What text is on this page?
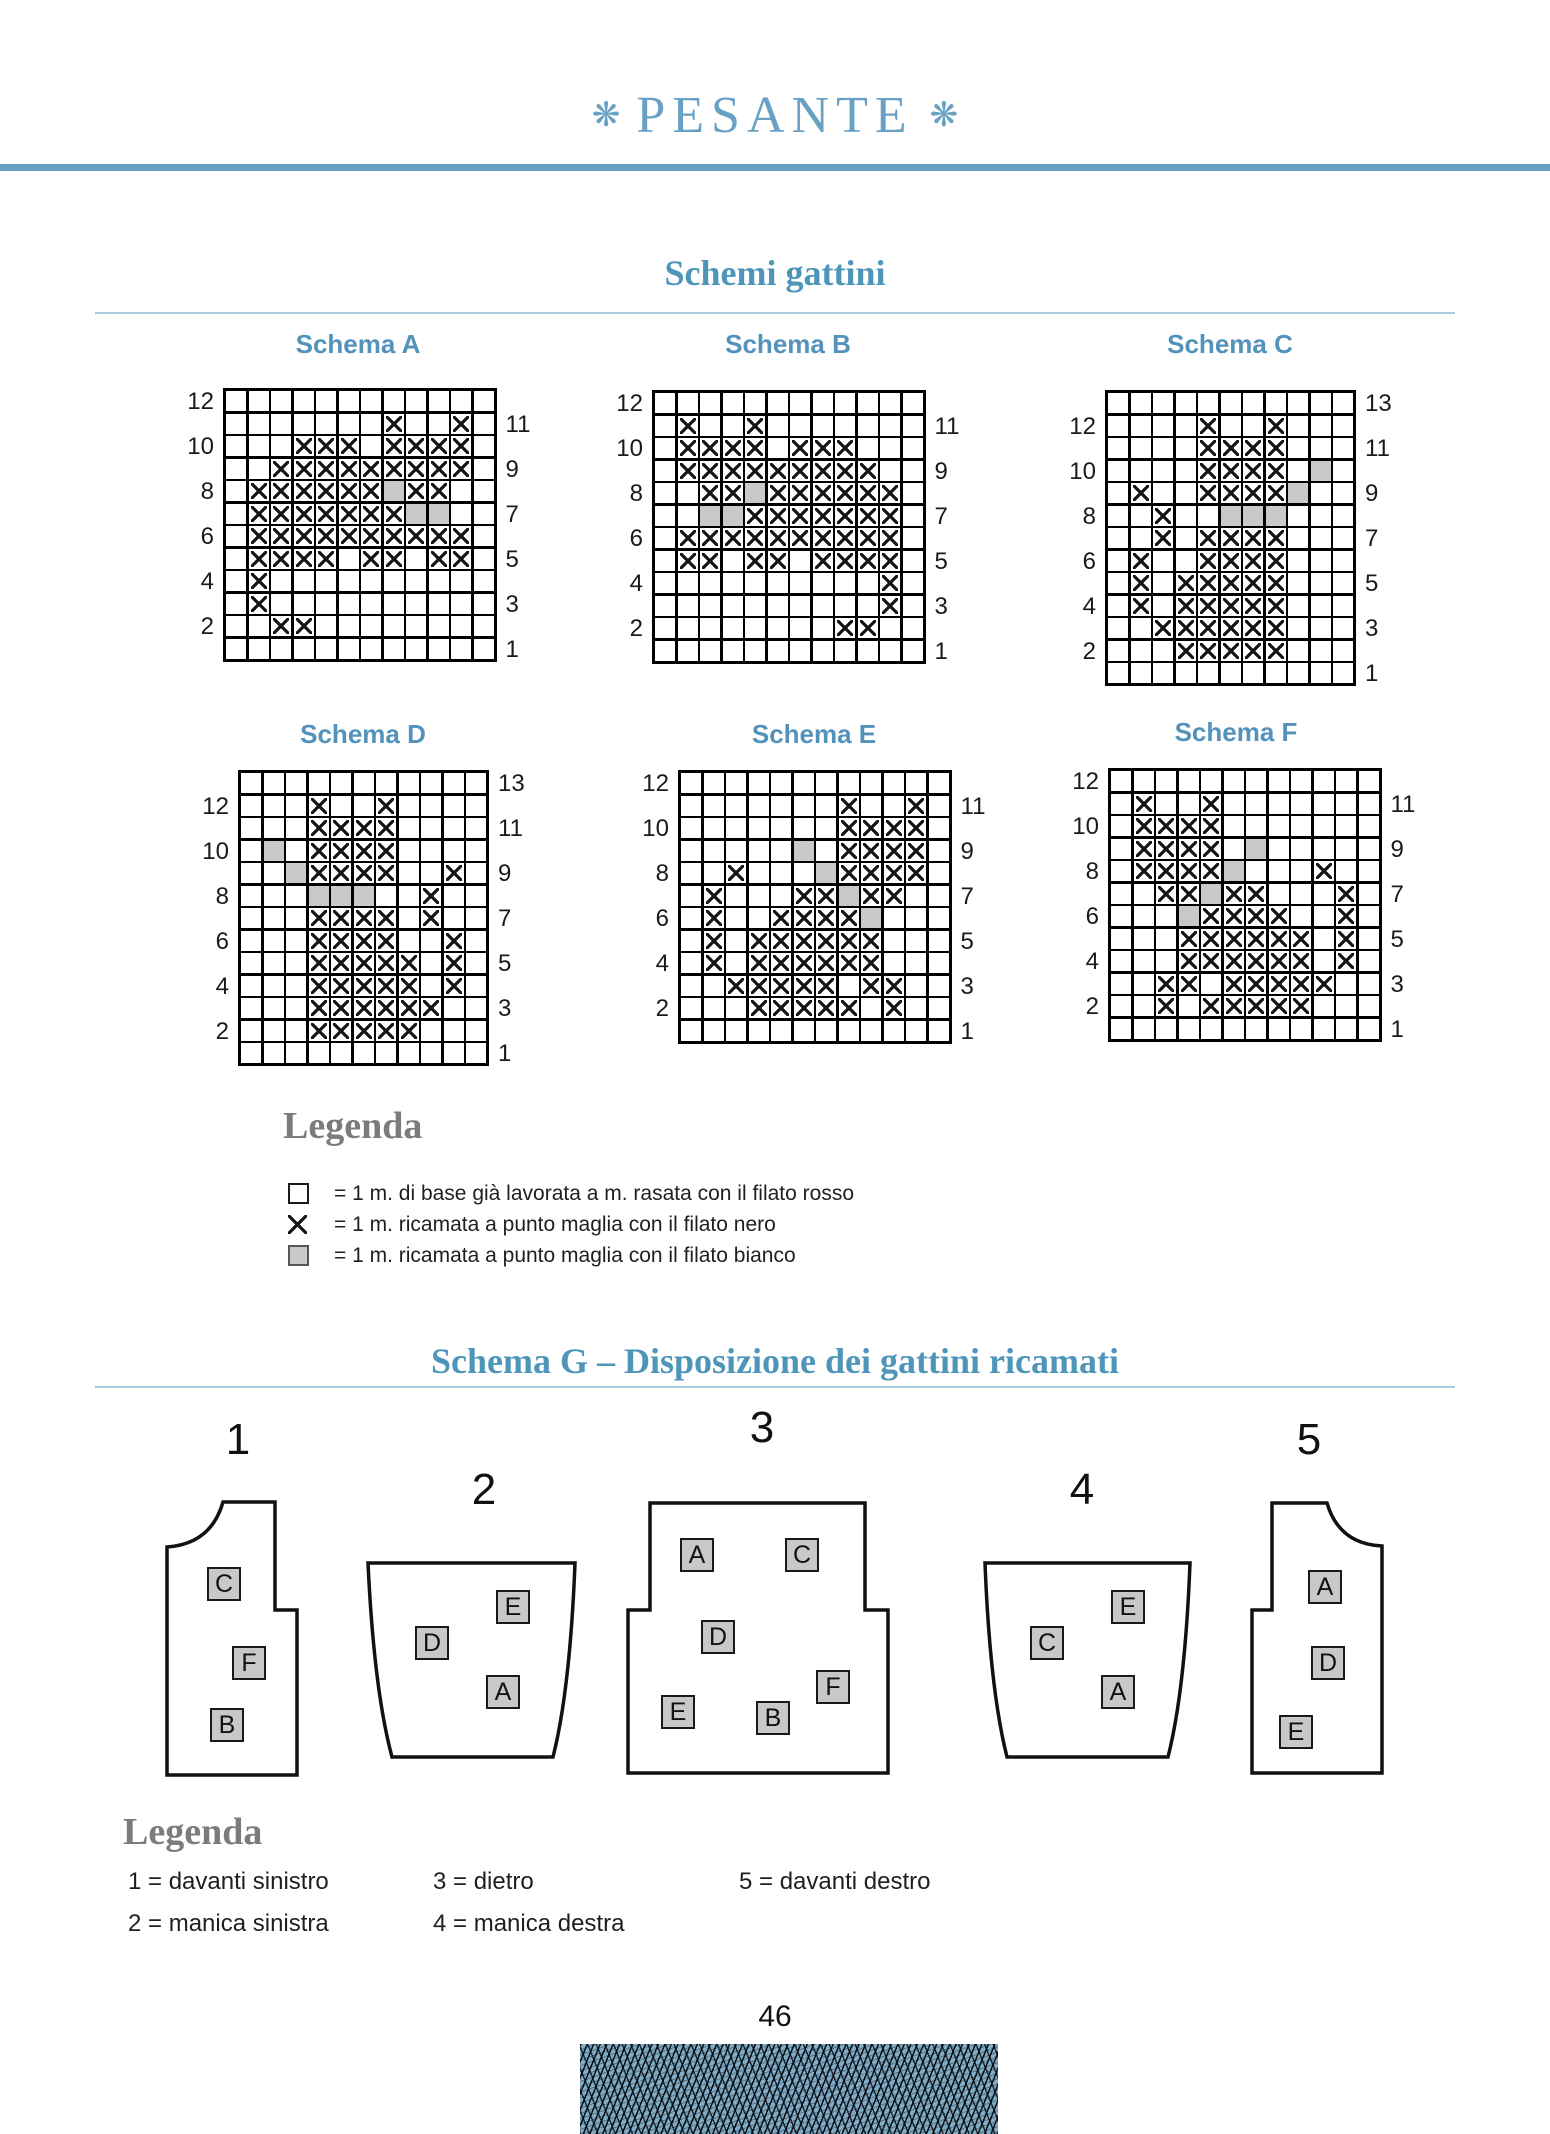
❋ PESANTE ❋
Schemi gattini
Schema A	Schema B	Schema C
Schema D	Schema E	Schema F
12
10
8
6
4
2
11
9
7
5
3
1
12
10
8
6
4
2
11
9
7
5
3
1
12
10
8
6
4
2
13
11
9
7
5
3
1
12
10
8
6
4
2
13
11
9
7
5
3
1
12
10
8
6
4
2
11
9
7
5
3
1
12
10
8
6
4
2
11
9
7
5
3
1
Legenda
= 1 m. di base già lavorata a m. rasata con il filato rosso
= 1 m. ricamata a punto maglia con il filato nero
= 1 m. ricamata a punto maglia con il filato bianco
Schema G – Disposizione dei gattini ricamati
1
C
F
B
2
E
D
A
3
A	C
D
F
E	B
4
E
C
A
5
A
D
E
Legenda
1 = davanti sinistro
2 = manica sinistra
3 = dietro
4 = manica destra
5 = davanti destro
46
